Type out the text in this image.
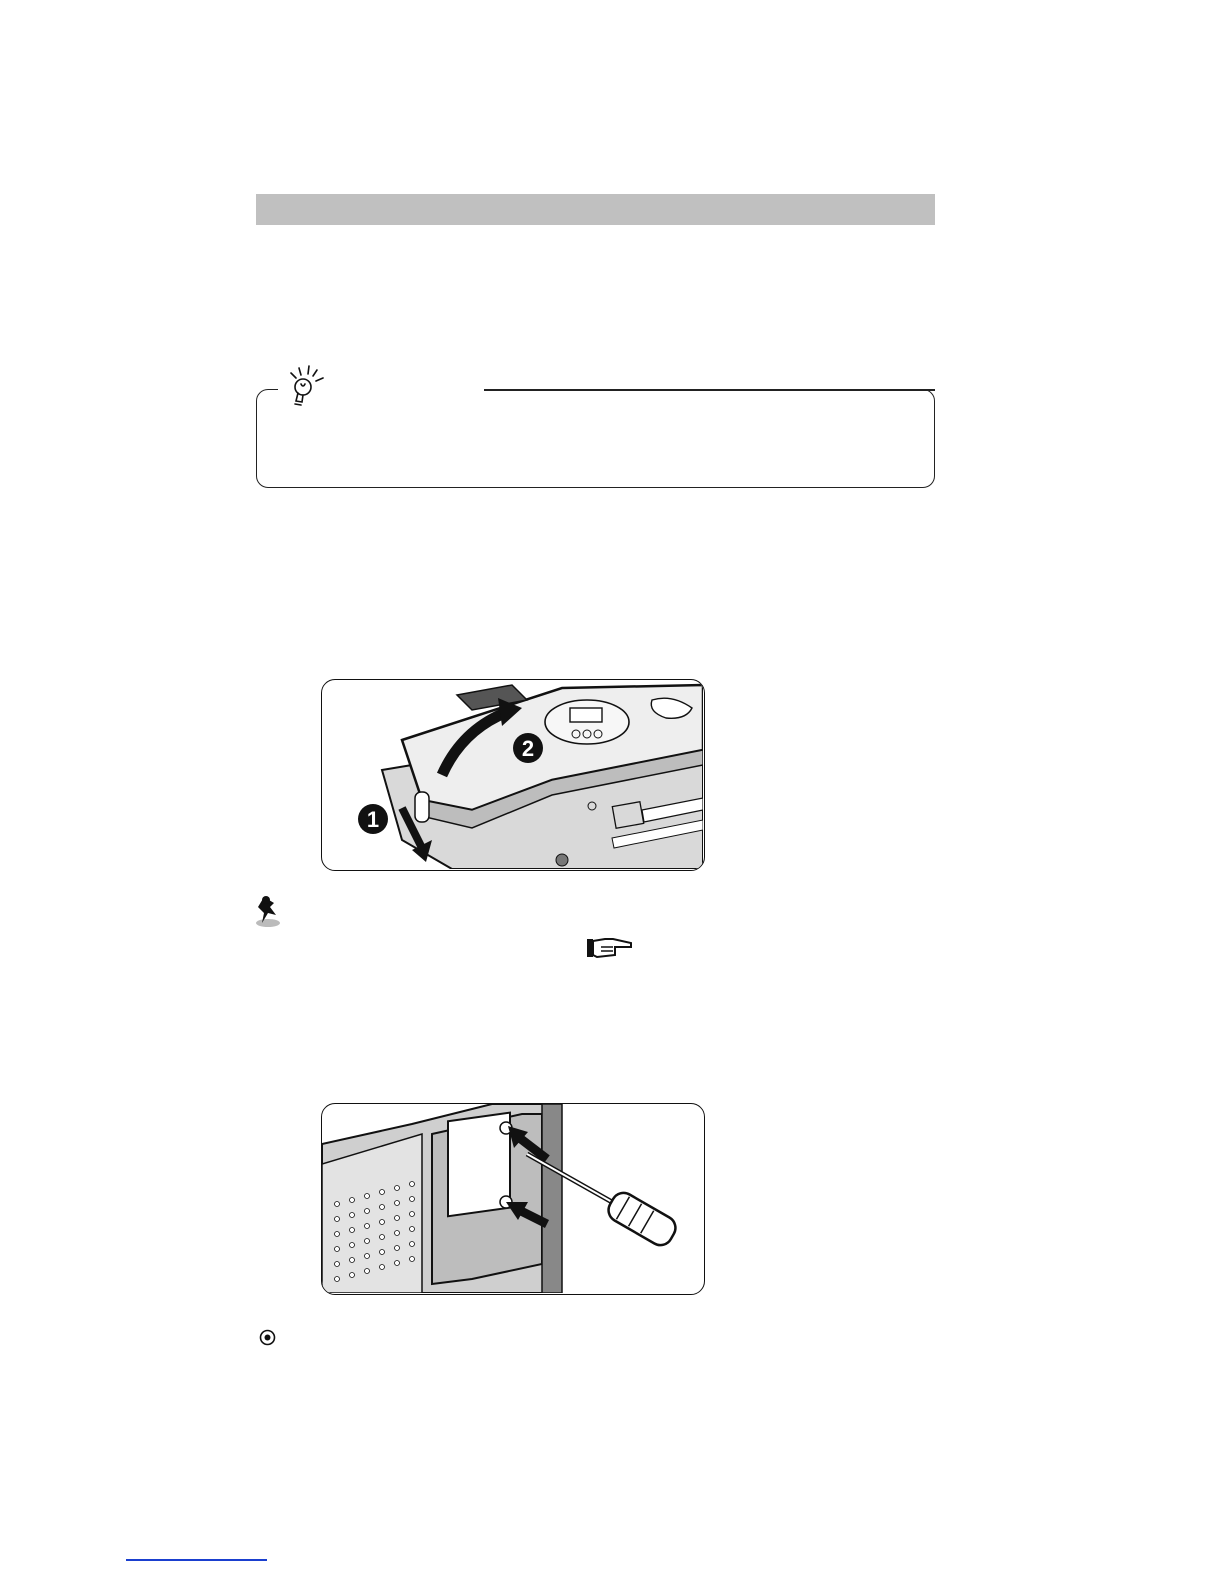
2
1
